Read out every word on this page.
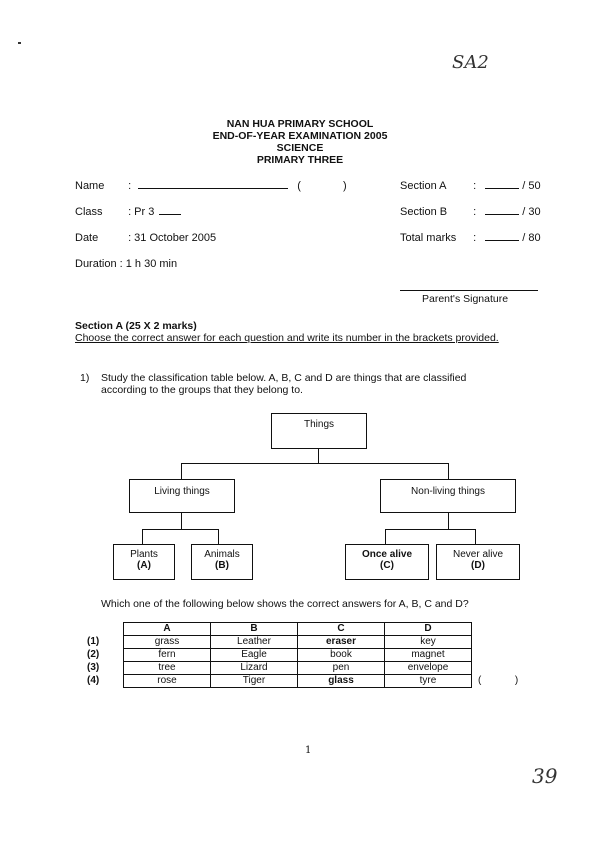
SA2
39
NAN HUA PRIMARY SCHOOL
END-OF-YEAR EXAMINATION 2005
SCIENCE
PRIMARY THREE
Name :	(	)
Class : Pr 3
Date	: 31 October 2005
Duration : 1 h 30 min
Section A :	/ 50
Section B :	/ 30
Total marks :	/ 80
Parent's Signature
Section A (25 X 2 marks)
Choose the correct answer for each question and write its number in the brackets provided.
1) Study the classification table below. A, B, C and D are things that are classified according to the groups that they belong to.
Things
Living things	Non-living things
Plants
(A)
Animals
(B)
Once alive
(C)
Never alive
(D)
Which one of the following below shows the correct answers for A, B, C and D?
	A	B	C	D	
(1)	grass	Leather	eraser	key	
(2)	fern	Eagle	book	magnet	
(3)	tree	Lizard	pen	envelope	
(4)	rose	Tiger	glass	tyre	( )
1
